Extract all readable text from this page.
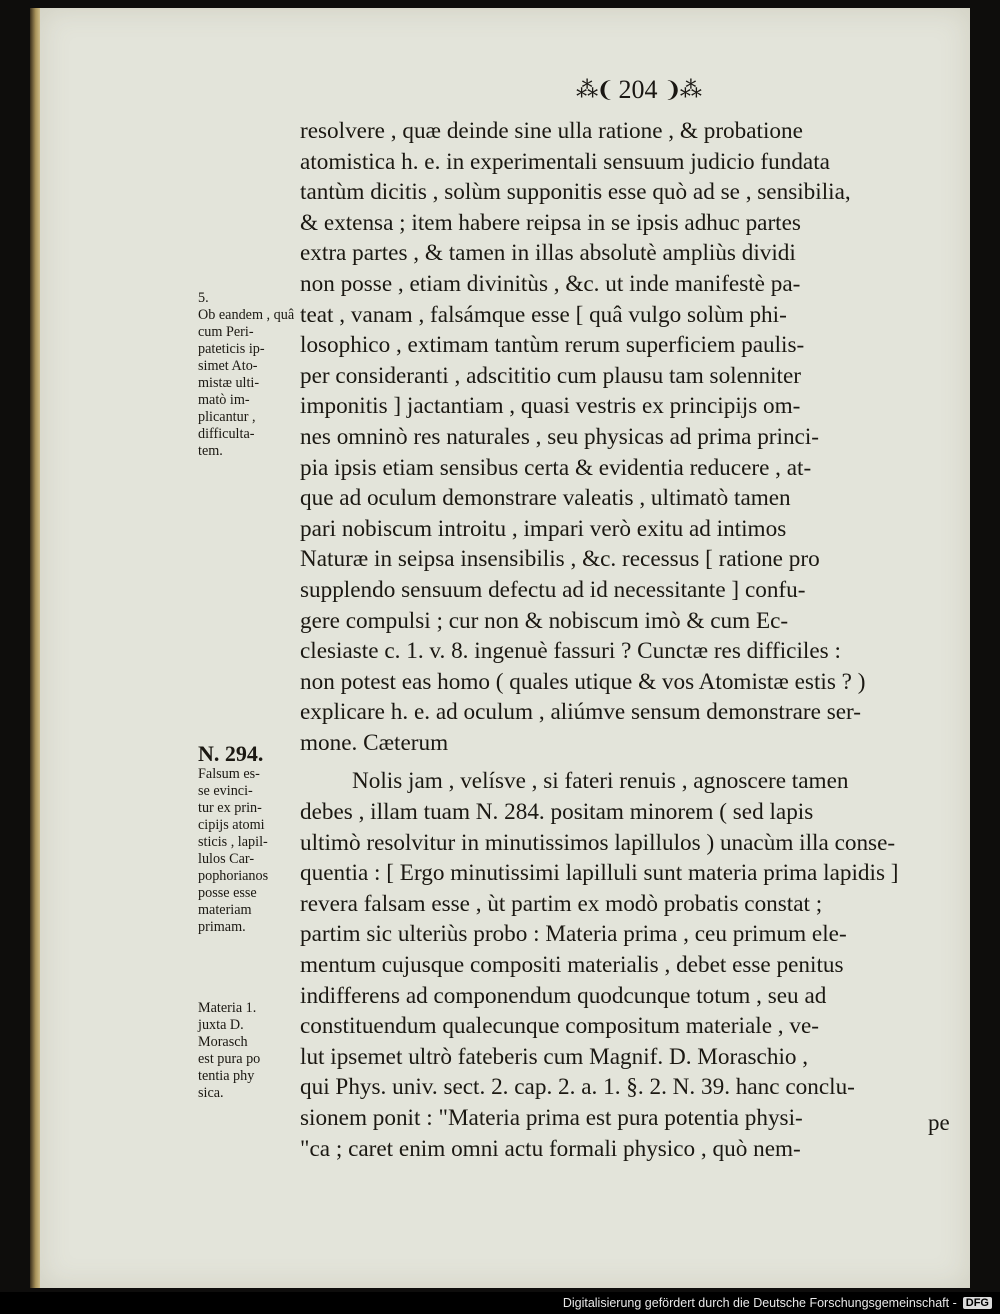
⁂❨ 204 ❩⁂
resolvere , quæ deinde sine ulla ratione , & probatione
atomistica h. e. in experimentali sensuum judicio fundata
tantùm dicitis , solùm supponitis esse quò ad se , sensibilia,
& extensa ; item habere reipsa in se ipsis adhuc partes
extra partes , & tamen in illas absolutè ampliùs dividi
non posse , etiam divinitùs , &c. ut inde manifestè pa-
teat , vanam , falsámque esse [ quâ vulgo solùm phi-
losophico , extimam tantùm rerum superficiem paulis-
per consideranti , adscititio cum plausu tam solenniter
imponitis ] jactantiam , quasi vestris ex principijs om-
nes omninò res naturales , seu physicas ad prima princi-
pia ipsis etiam sensibus certa & evidentia reducere , at-
que ad oculum demonstrare valeatis , ultimatò tamen
pari nobiscum introitu , impari verò exitu ad intimos
Naturæ in seipsa insensibilis , &c. recessus [ ratione pro
supplendo sensuum defectu ad id necessitante ] confu-
gere compulsi ; cur non & nobiscum imò & cum Ec-
clesiaste c. 1. v. 8. ingenuè fassuri ? Cunctæ res difficiles :
non potest eas homo ( quales utique & vos Atomistæ estis ? )
explicare h. e. ad oculum , aliúmve sensum demonstrare ser-
mone. Cæterum
Nolis jam , velísve , si fateri renuis , agnoscere tamen
debes , illam tuam N. 284. positam minorem ( sed lapis
ultimò resolvitur in minutissimos lapillulos ) unacùm illa conse-
quentia : [ Ergo minutissimi lapilluli sunt materia prima lapidis ]
revera falsam esse , ùt partim ex modò probatis constat ;
partim sic ulteriùs probo : Materia prima , ceu primum ele-
mentum cujusque compositi materialis , debet esse penitus
indifferens ad componendum quodcunque totum , seu ad
constituendum qualecunque compositum materiale , ve-
lut ipsemet ultrò fateberis cum Magnif. D. Moraschio ,
qui Phys. univ. sect. 2. cap. 2. a. 1. §. 2. N. 39. hanc conclu-
sionem ponit : "Materia prima est pura potentia physi-
"ca ; caret enim omni actu formali physico , quò nem-
5.
Ob eandem , quâ
cum Peri-
pateticis ip-
simet Ato-
mistæ ulti-
matò im-
plicantur ,
difficulta-
tem.
N. 294.
Falsum es-
se evinci-
tur ex prin-
cipijs atomi
sticis , lapil-
lulos Car-
pophorianos
posse esse
materiam
primam.
Materia 1.
juxta D.
Morasch
est pura po
tentia phy
sica.
pe
Digitalisierung gefördert durch die Deutsche Forschungsgemeinschaft - DFG
